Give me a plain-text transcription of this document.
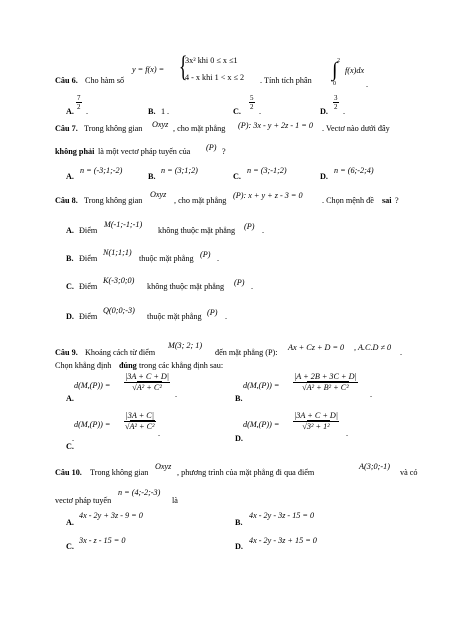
Câu 6. Cho hàm số
y = f(x) = {
3x² khi 0 ≤ x ≤1
4 - x khi 1 < x ≤ 2 . Tính tích phân
2
∫
0
f(x)dx
.
A. $\frac{7}{2}$ .	B. 1 .	C. $\frac{5}{2}$ .	D. $\frac{3}{2}$ .
Câu 7. Trong không gian Oxyz , cho mặt phẳng (P): 3x - y + 2z - 1 = 0 . Vectơ nào dưới đây
không phải là một vectơ pháp tuyến của (P) ?
A.
n = (-3;1;-2)
B.
n = (3;1;2)
C.
n = (3;-1;2)
D.
n = (6;-2;4)
Câu 8. Trong không gian
Oxyz
, cho mặt phẳng
(P): x + y + z - 3 = 0
. Chọn mệnh đề sai ?
A. Điểm
M(-1;-1;-1)
không thuộc mặt phẳng (P) .
B. Điểm
N(1;1;1)
thuộc mặt phẳng (P) .
C. Điểm
K(-3;0;0)
không thuộc mặt phẳng (P) .
D. Điểm
Q(0;0;-3)
thuộc mặt phẳng (P) .
Câu 9. Khoảng cách từ điểm
M(3; 2; 1)
đến mặt phẳng (P):
Ax + Cz + D = 0 , A.C.D ≠ 0
.
Chọn khẳng định đúng trong các khẳng định sau:
$d(M,(P)) = \frac{|3A + C + D|}{\text{√A² + C²}}$
.
A.
$d(M,(P)) = \frac{|A + 2B + 3C + D|}{\text{√A² + B² + C²}}$
.
B.
$d(M,(P)) = \frac{|3A + C|}{\text{√A² + C²}}$
.
.
C.
$d(M,(P)) = \frac{|3A + C + D|}{\text{√3² + 1²}}$
.
D.
Câu 10. Trong không gian
Oxyz
, phương trình của mặt phẳng đi qua điểm
A(3;0;-1)
và có
vectơ pháp tuyến
n = (4;-2;-3)
là
A.
4x - 2y + 3z - 9 = 0
B.
4x - 2y - 3z - 15 = 0
C.
3x - z - 15 = 0
D.
4x - 2y - 3z + 15 = 0
